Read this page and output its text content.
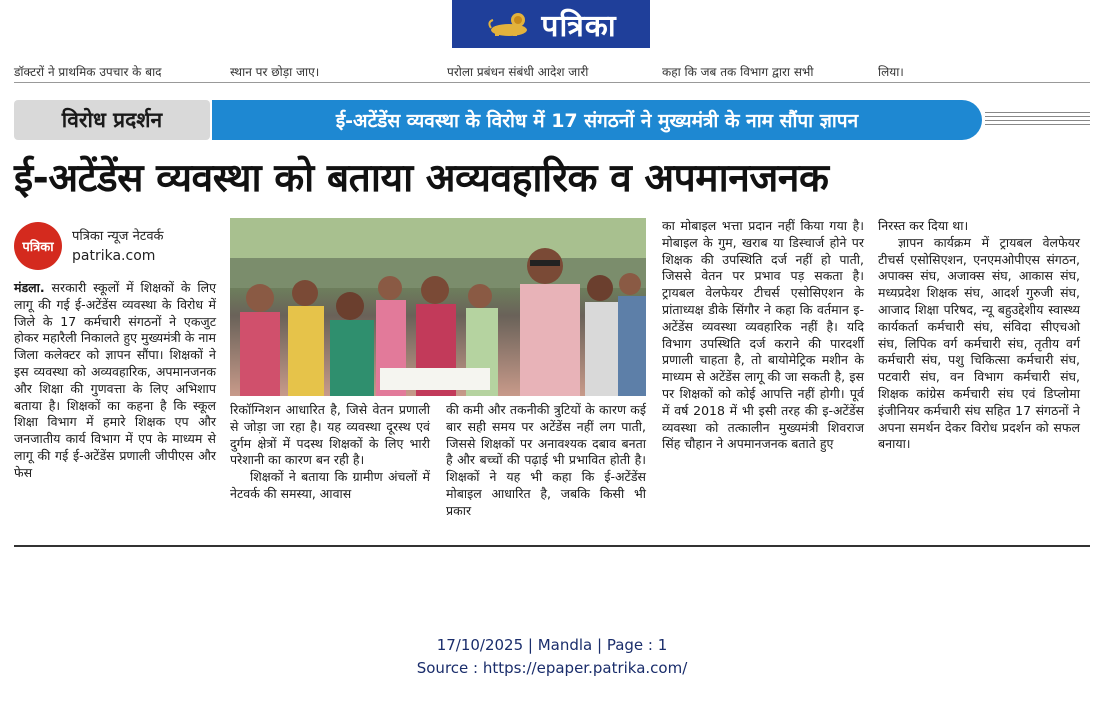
पत्रिका
डॉक्टरों ने प्राथमिक उपचार के बाद	स्थान पर छोड़ा जाए।	परोला प्रबंधन संबंधी आदेश जारी	कहा कि जब तक विभाग द्वारा सभी	लिया।
विरोध प्रदर्शन	ई-अटेंडेंस व्यवस्था के विरोध में 17 संगठनों ने मुख्यमंत्री के नाम सौंपा ज्ञापन
ई-अटेंडेंस व्यवस्था को बताया अव्यवहारिक व अपमानजनक
पत्रिका
पत्रिका न्यूज नेटवर्क
patrika.com
मंडला. सरकारी स्कूलों में शिक्षकों के लिए लागू की गई ई-अटेंडेंस व्यवस्था के विरोध में जिले के 17 कर्मचारी संगठनों ने एकजुट होकर महारैली निकालते हुए मुख्यमंत्री के नाम जिला कलेक्टर को ज्ञापन सौंपा। शिक्षकों ने इस व्यवस्था को अव्यवहारिक, अपमानजनक और शिक्षा की गुणवत्ता के लिए अभिशाप बताया है। शिक्षकों का कहना है कि स्कूल शिक्षा विभाग में हमारे शिक्षक एप और जनजातीय कार्य विभाग में एप के माध्यम से लागू की गई ई-अटेंडेंस प्रणाली जीपीएस और फेस
रिकॉग्निशन आधारित है, जिसे वेतन प्रणाली से जोड़ा जा रहा है। यह व्यवस्था दूरस्थ एवं दुर्गम क्षेत्रों में पदस्थ शिक्षकों के लिए भारी परेशानी का कारण बन रही है।
शिक्षकों ने बताया कि ग्रामीण अंचलों में नेटवर्क की समस्या, आवास
की कमी और तकनीकी त्रुटियों के कारण कई बार सही समय पर अटेंडेंस नहीं लग पाती, जिससे शिक्षकों पर अनावश्यक दबाव बनता है और बच्चों की पढ़ाई भी प्रभावित होती है। शिक्षकों ने यह भी कहा कि ई-अटेंडेंस मोबाइल आधारित है, जबकि किसी भी प्रकार
का मोबाइल भत्ता प्रदान नहीं किया गया है। मोबाइल के गुम, खराब या डिस्चार्ज होने पर शिक्षक की उपस्थिति दर्ज नहीं हो पाती, जिससे वेतन पर प्रभाव पड़ सकता है। ट्रायबल वेलफेयर टीचर्स एसोसिएशन के प्रांताध्यक्ष डीके सिंगौर ने कहा कि वर्तमान इ-अटेंडेंस व्यवस्था व्यवहारिक नहीं है। यदि विभाग उपस्थिति दर्ज कराने की पारदर्शी प्रणाली चाहता है, तो बायोमेट्रिक मशीन के माध्यम से अटेंडेंस लागू की जा सकती है, इस पर शिक्षकों को कोई आपत्ति नहीं होगी। पूर्व में वर्ष 2018 में भी इसी तरह की इ-अटेंडेंस व्यवस्था को तत्कालीन मुख्यमंत्री शिवराज सिंह चौहान ने अपमानजनक बताते हुए
निरस्त कर दिया था।
ज्ञापन कार्यक्रम में ट्रायबल वेलफेयर टीचर्स एसोसिएशन, एनएमओपीएस संगठन, अपाक्स संघ, अजाक्स संघ, आकास संघ, मध्यप्रदेश शिक्षक संघ, आदर्श गुरुजी संघ, आजाद शिक्षा परिषद, न्यू बहुउद्देशीय स्वास्थ्य कार्यकर्ता कर्मचारी संघ, संविदा सीएचओ संघ, लिपिक वर्ग कर्मचारी संघ, तृतीय वर्ग कर्मचारी संघ, पशु चिकित्सा कर्मचारी संघ, पटवारी संघ, वन विभाग कर्मचारी संघ, शिक्षक कांग्रेस कर्मचारी संघ एवं डिप्लोमा इंजीनियर कर्मचारी संघ सहित 17 संगठनों ने अपना समर्थन देकर विरोध प्रदर्शन को सफल बनाया।
17/10/2025 | Mandla | Page : 1
Source : https://epaper.patrika.com/
